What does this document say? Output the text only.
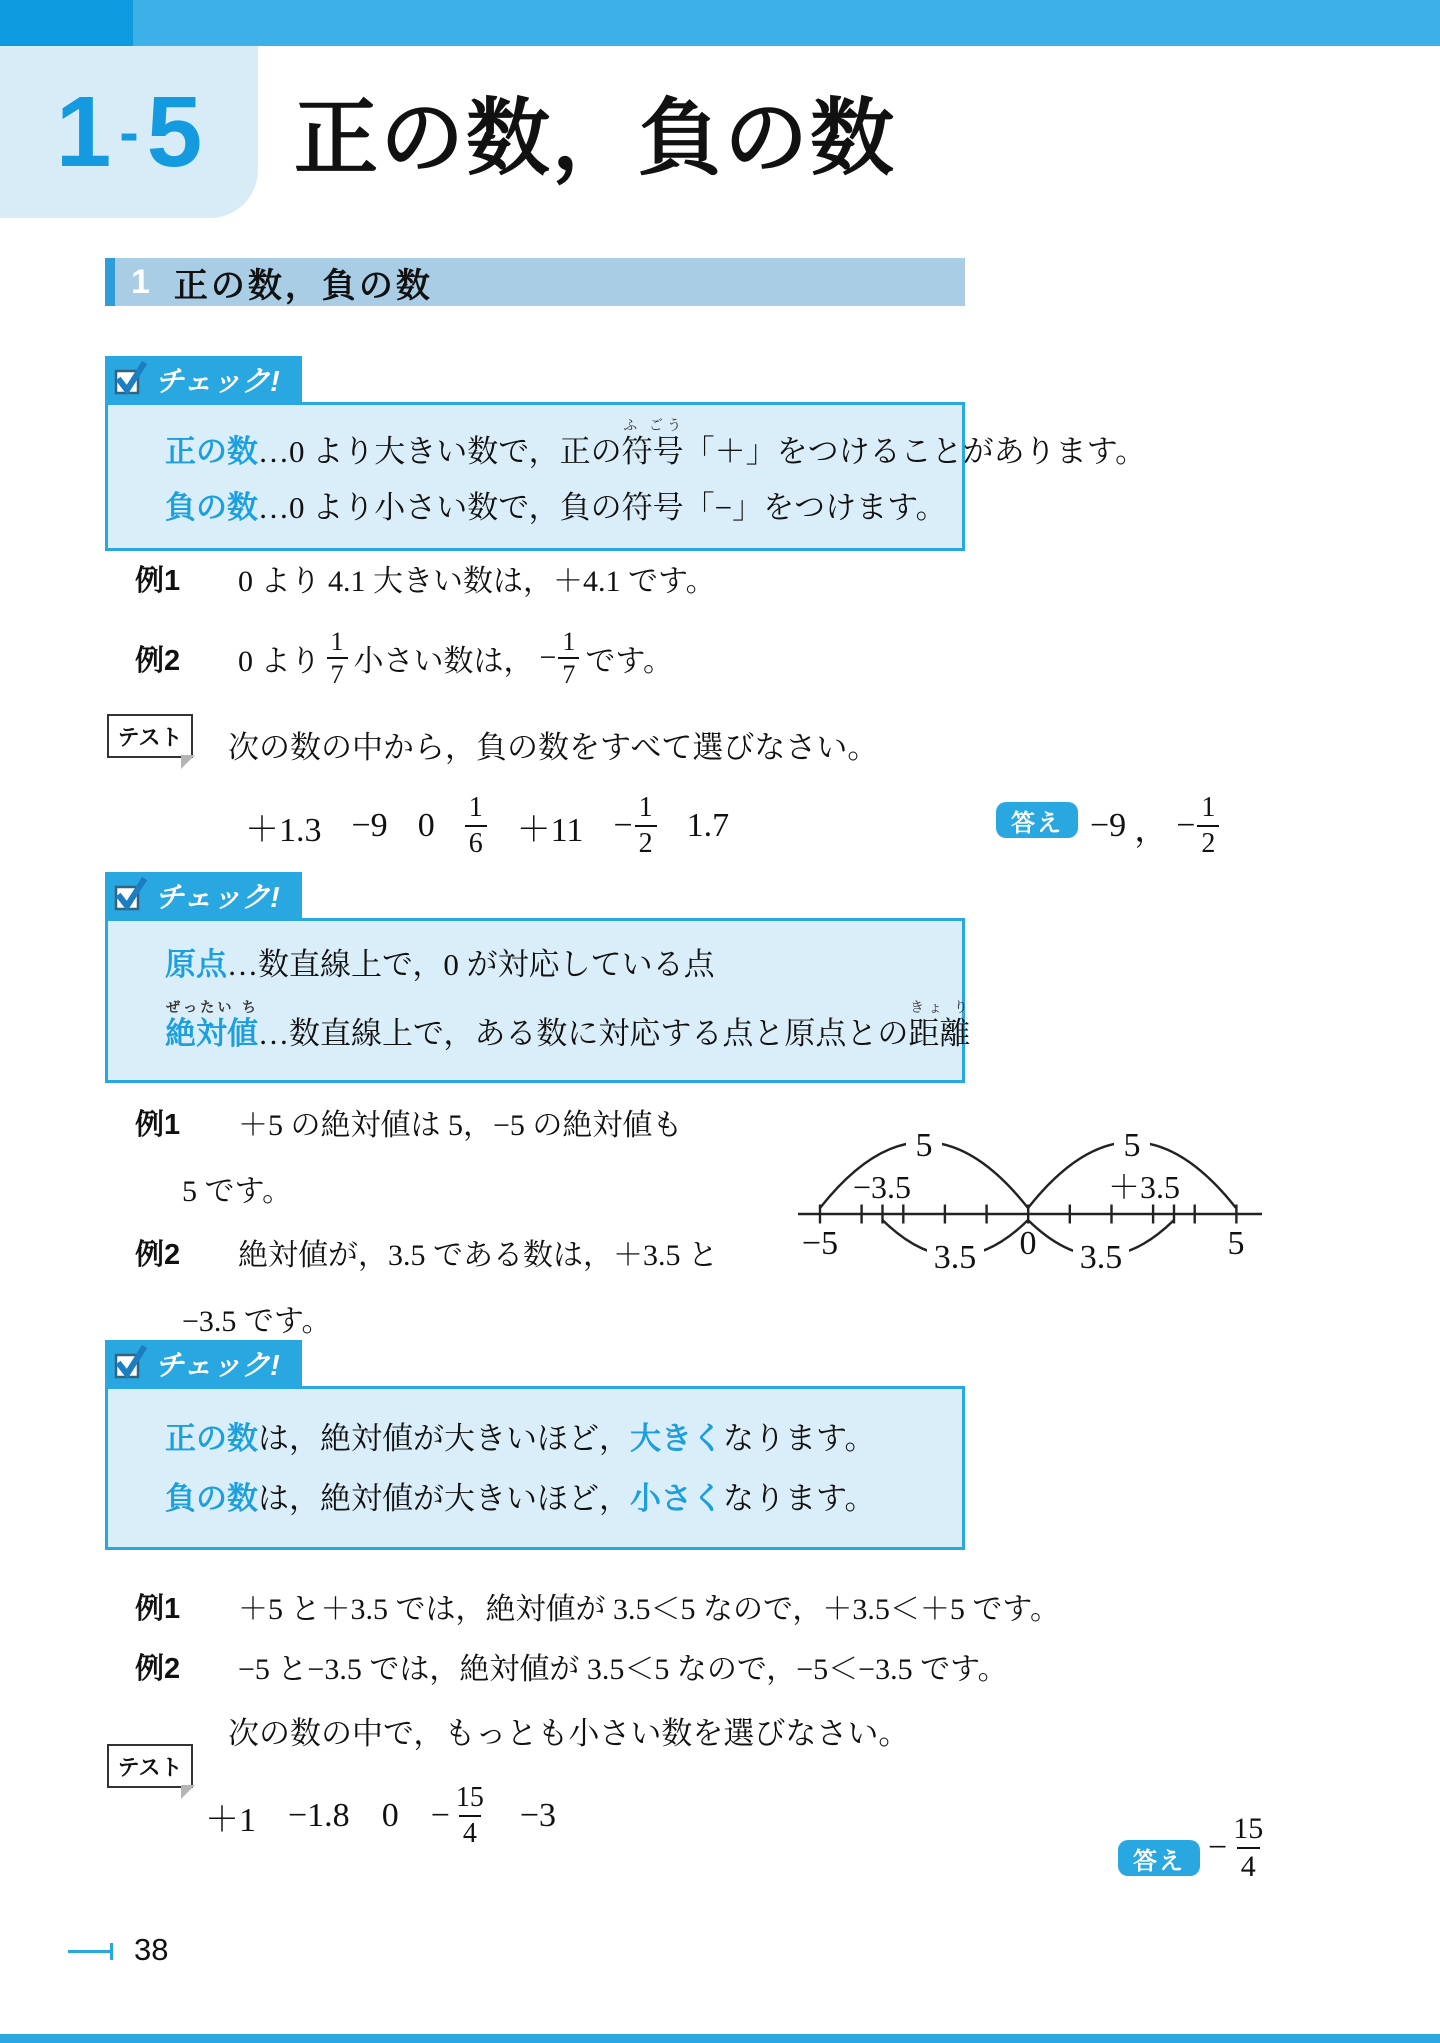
1 - 5 正の数，負の数
1 正の数，負の数
チェック!
正の数…0 より大きい数で，正の符号ふ ごう「＋」をつけることがあります。
負の数…0 より小さい数で，負の符号「−」をつけます。
例1	0 より 4.1 大きい数は，＋4.1 です。
例2	0 より $\frac{1}{7}$ 小さい数は， − $\frac{1}{7}$ です。
テスト 次の数の中から，負の数をすべて選びなさい。
＋1.3 −9 $0 \frac{1}{6} +11 - \frac{1}{2} 1.7$	答え −9 ， − $\frac{1}{2}$
チェック!
原点…数直線上で，0 が対応している点
絶対値ぜったい ち…数直線上で，ある数に対応する点と原点との距離きょ り
例1	＋5 の絶対値は 5，−5 の絶対値も
5 です。
例2	絶対値が，3.5 である数は，＋3.5 と
−3.5 です。
5	5
−3.5	＋3.5
3.5	3.5
−5	0	5
チェック!
正の数は，絶対値が大きいほど，大きくなります。
負の数は，絶対値が大きいほど，小さくなります。
例1	＋5 と＋3.5 では，絶対値が 3.5＜5 なので，＋3.5＜＋5 です。
例2	−5 と−3.5 では，絶対値が 3.5＜5 なので，−5＜−3.5 です。
テスト
次の数の中で，もっとも小さい数を選びなさい。
＋1 −1.8 $0 - \frac{15}{4} -3$
答え − $\frac{15}{4}$
38
